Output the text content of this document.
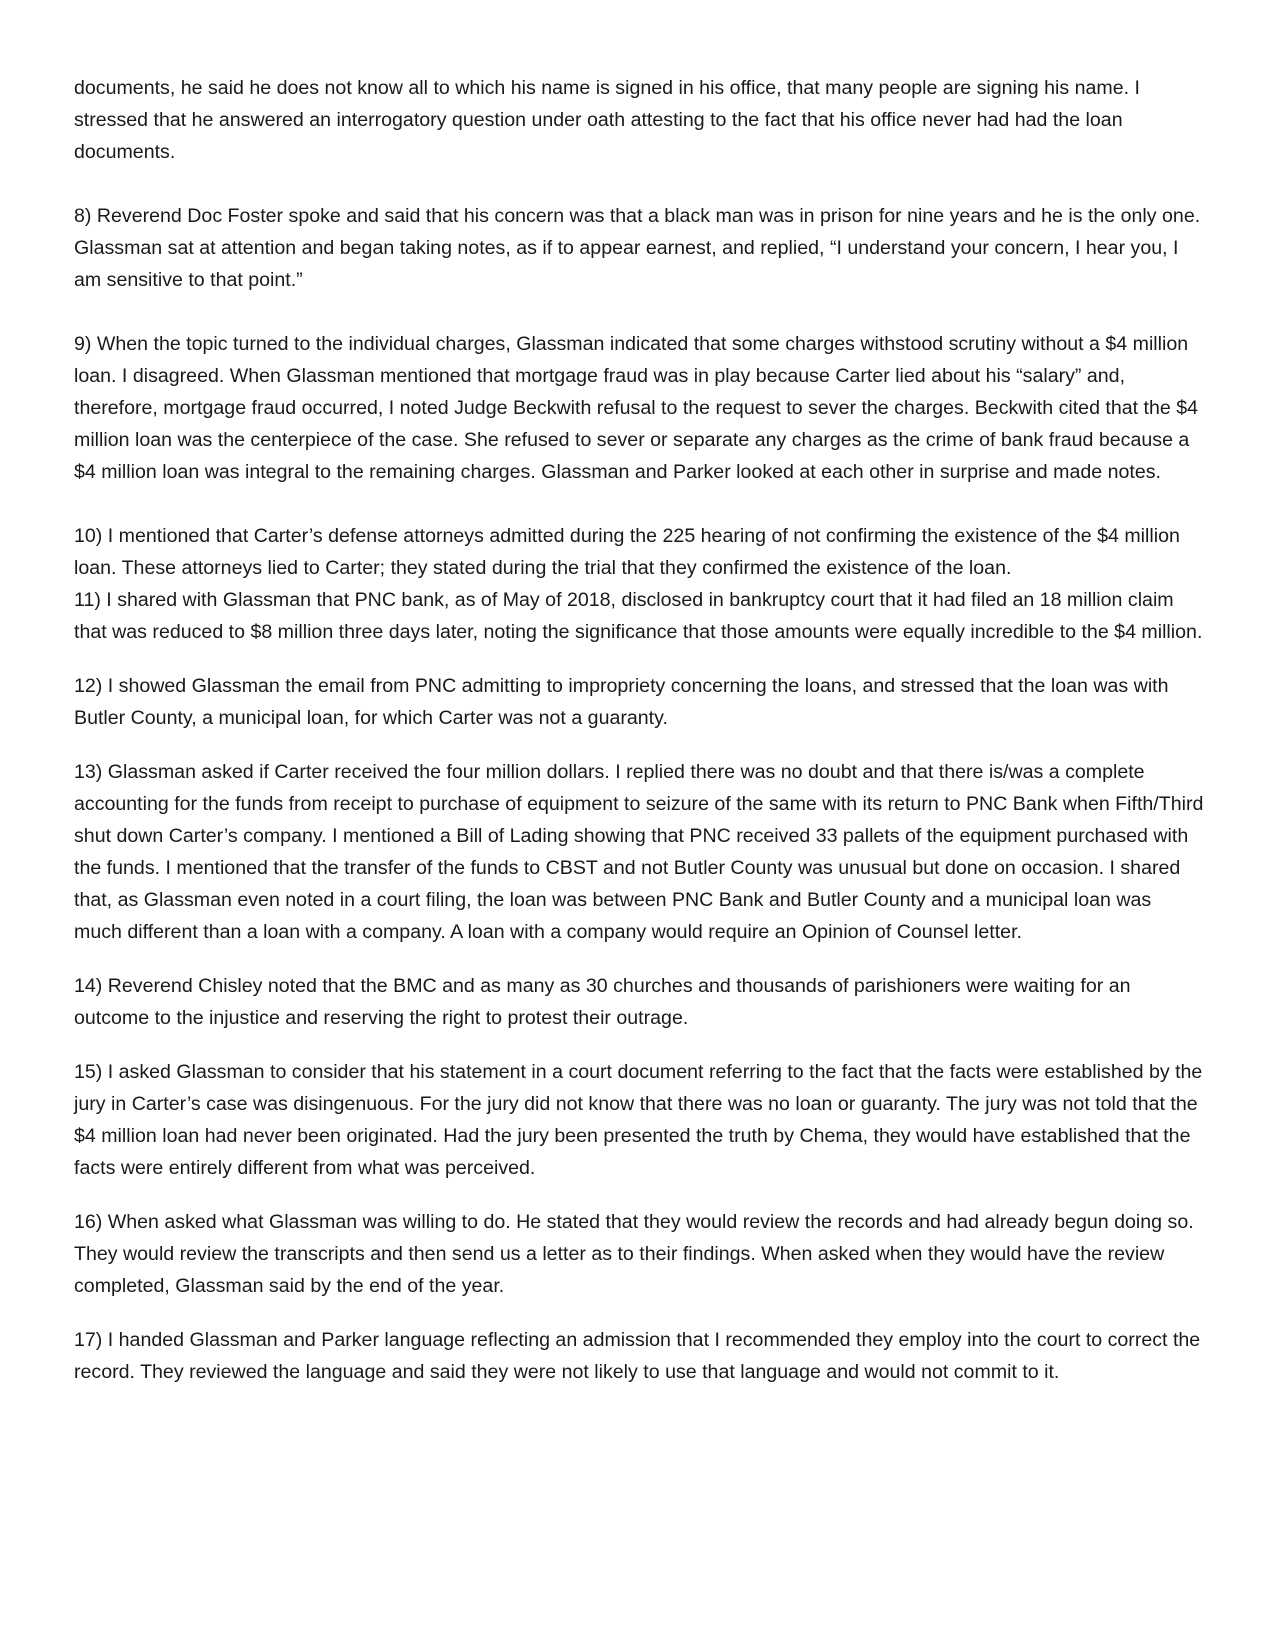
documents, he said he does not know all to which his name is signed in his office, that many people are signing his name. I stressed that he answered an interrogatory question under oath attesting to the fact that his office never had had the loan documents.

8) Reverend Doc Foster spoke and said that his concern was that a black man was in prison for nine years and he is the only one. Glassman sat at attention and began taking notes, as if to appear earnest, and replied, “I understand your concern, I hear you, I am sensitive to that point.”

9) When the topic turned to the individual charges, Glassman indicated that some charges withstood scrutiny without a $4 million loan. I disagreed. When Glassman mentioned that mortgage fraud was in play because Carter lied about his “salary” and, therefore, mortgage fraud occurred, I noted Judge Beckwith refusal to the request to sever the charges. Beckwith cited that the $4 million loan was the centerpiece of the case. She refused to sever or separate any charges as the crime of bank fraud because a $4 million loan was integral to the remaining charges. Glassman and Parker looked at each other in surprise and made notes.

10) I mentioned that Carter’s defense attorneys admitted during the 225 hearing of not confirming the existence of the $4 million loan. These attorneys lied to Carter; they stated during the trial that they confirmed the existence of the loan.

11) I shared with Glassman that PNC bank, as of May of 2018, disclosed in bankruptcy court that it had filed an 18 million claim that was reduced to $8 million three days later, noting the significance that those amounts were equally incredible to the $4 million.

12) I showed Glassman the email from PNC admitting to impropriety concerning the loans, and stressed that the loan was with Butler County, a municipal loan, for which Carter was not a guaranty.

13) Glassman asked if Carter received the four million dollars. I replied there was no doubt and that there is/was a complete accounting for the funds from receipt to purchase of equipment to seizure of the same with its return to PNC Bank when Fifth/Third shut down Carter’s company. I mentioned a Bill of Lading showing that PNC received 33 pallets of the equipment purchased with the funds. I mentioned that the transfer of the funds to CBST and not Butler County was unusual but done on occasion. I shared that, as Glassman even noted in a court filing, the loan was between PNC Bank and Butler County and a municipal loan was much different than a loan with a company. A loan with a company would require an Opinion of Counsel letter.

14) Reverend Chisley noted that the BMC and as many as 30 churches and thousands of parishioners were waiting for an outcome to the injustice and reserving the right to protest their outrage.

15) I asked Glassman to consider that his statement in a court document referring to the fact that the facts were established by the jury in Carter’s case was disingenuous. For the jury did not know that there was no loan or guaranty. The jury was not told that the $4 million loan had never been originated. Had the jury been presented the truth by Chema, they would have established that the facts were entirely different from what was perceived.

16) When asked what Glassman was willing to do. He stated that they would review the records and had already begun doing so. They would review the transcripts and then send us a letter as to their findings. When asked when they would have the review completed, Glassman said by the end of the year.

17) I handed Glassman and Parker language reflecting an admission that I recommended they employ into the court to correct the record. They reviewed the language and said they were not likely to use that language and would not commit to it.
